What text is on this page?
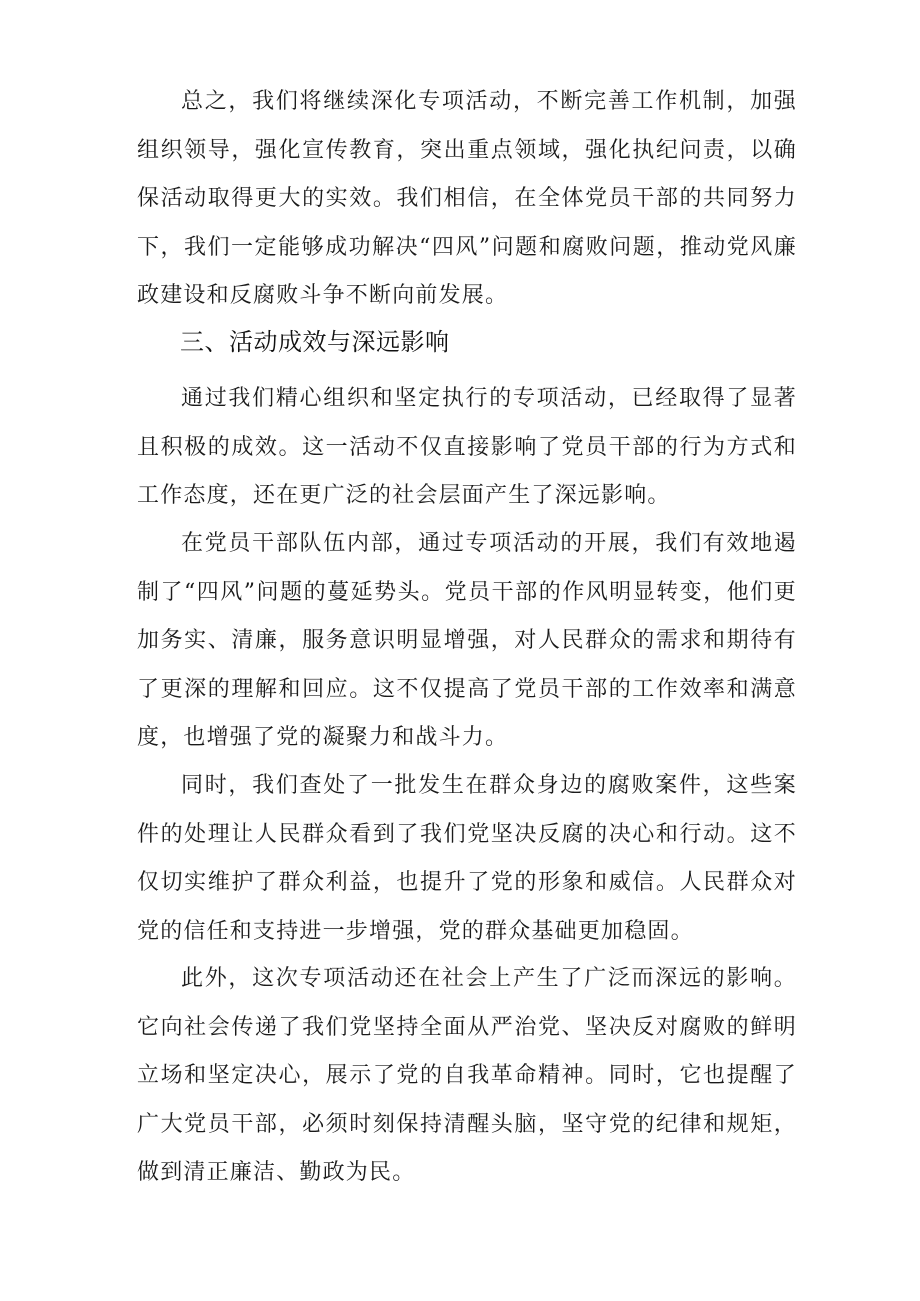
总之，我们将继续深化专项活动，不断完善工作机制，加强组织领导，强化宣传教育，突出重点领域，强化执纪问责，以确保活动取得更大的实效。我们相信，在全体党员干部的共同努力下，我们一定能够成功解决“四风”问题和腐败问题，推动党风廉政建设和反腐败斗争不断向前发展。

三、活动成效与深远影响

通过我们精心组织和坚定执行的专项活动，已经取得了显著且积极的成效。这一活动不仅直接影响了党员干部的行为方式和工作态度，还在更广泛的社会层面产生了深远影响。

在党员干部队伍内部，通过专项活动的开展，我们有效地遏制了“四风”问题的蔓延势头。党员干部的作风明显转变，他们更加务实、清廉，服务意识明显增强，对人民群众的需求和期待有了更深的理解和回应。这不仅提高了党员干部的工作效率和满意度，也增强了党的凝聚力和战斗力。

同时，我们查处了一批发生在群众身边的腐败案件，这些案件的处理让人民群众看到了我们党坚决反腐的决心和行动。这不仅切实维护了群众利益，也提升了党的形象和威信。人民群众对党的信任和支持进一步增强，党的群众基础更加稳固。

此外，这次专项活动还在社会上产生了广泛而深远的影响。它向社会传递了我们党坚持全面从严治党、坚决反对腐败的鲜明立场和坚定决心，展示了党的自我革命精神。同时，它也提醒了广大党员干部，必须时刻保持清醒头脑，坚守党的纪律和规矩，做到清正廉洁、勤政为民。
